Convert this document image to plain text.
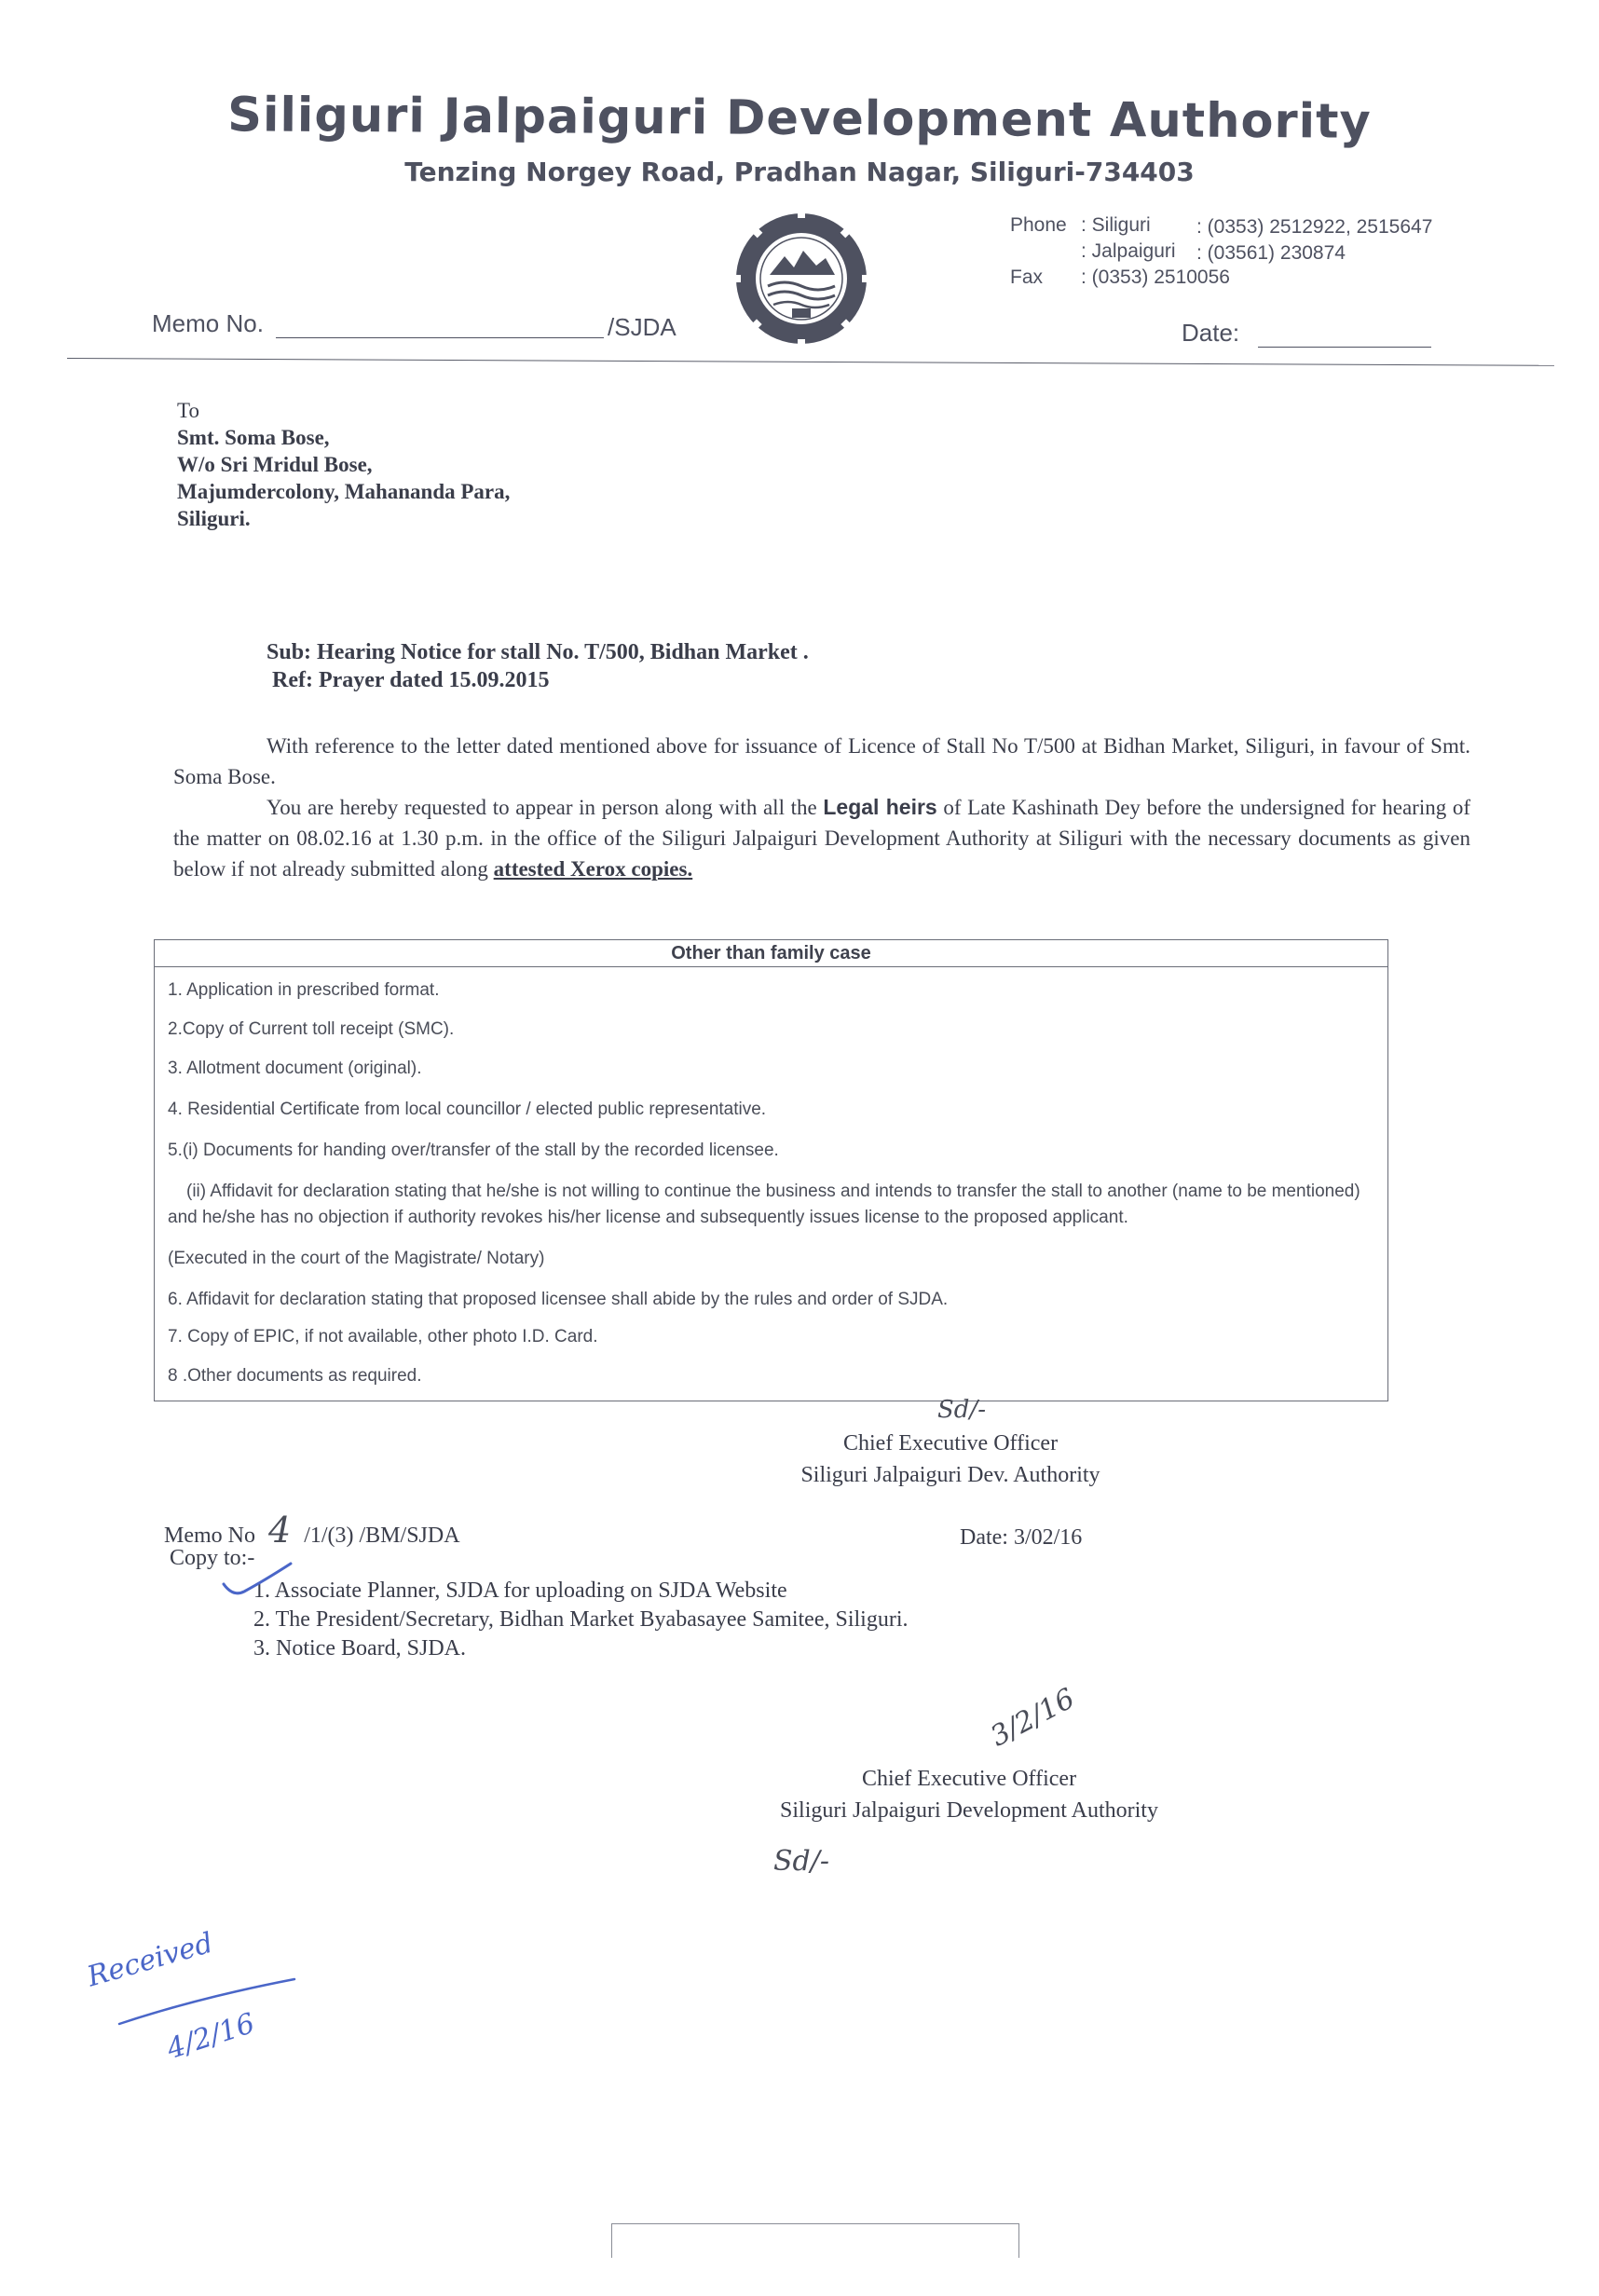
Siliguri Jalpaiguri Development Authority
Tenzing Norgey Road, Pradhan Nagar, Siliguri-734403
Phone : Siliguri : (0353) 2512922, 2515647
: Jalpaiguri : (03561) 230874
Fax : (0353) 2510056
Memo No.	/SJDA	Date:
To
Smt. Soma Bose,
W/o Sri Mridul Bose,
Majumdercolony, Mahananda Para,
Siliguri.
Sub: Hearing Notice for stall No. T/500, Bidhan Market .
Ref: Prayer dated 15.09.2015
With reference to the letter dated mentioned above for issuance of Licence of Stall No T/500 at Bidhan Market, Siliguri, in favour of Smt. Soma Bose.
You are hereby requested to appear in person along with all the Legal heirs of Late Kashinath Dey before the undersigned for hearing of the matter on 08.02.16 at 1.30 p.m. in the office of the Siliguri Jalpaiguri Development Authority at Siliguri with the necessary documents as given below if not already submitted along attested Xerox copies.
Other than family case
1. Application in prescribed format.
2.Copy of Current toll receipt (SMC).
3. Allotment document (original).
4. Residential Certificate from local councillor / elected public representative.
5.(i) Documents for handing over/transfer of the stall by the recorded licensee.
(ii) Affidavit for declaration stating that he/she is not willing to continue the business and intends to transfer the stall to another (name to be mentioned) and he/she has no objection if authority revokes his/her license and subsequently issues license to the proposed applicant.
(Executed in the court of the Magistrate/ Notary)
6. Affidavit for declaration stating that proposed licensee shall abide by the rules and order of SJDA.
7. Copy of EPIC, if not available, other photo I.D. Card.
8 .Other documents as required.
Sd/-
Chief Executive Officer
Siliguri Jalpaiguri Dev. Authority
Memo No 4 /1/(3) /BM/SJDA	Date: 3/02/16
Copy to:-
1. Associate Planner, SJDA for uploading on SJDA Website
2. The President/Secretary, Bidhan Market Byabasayee Samitee, Siliguri.
3. Notice Board, SJDA.
3/2/16
Chief Executive Officer
Siliguri Jalpaiguri Development Authority
Sd/-
Received
4/2/16
